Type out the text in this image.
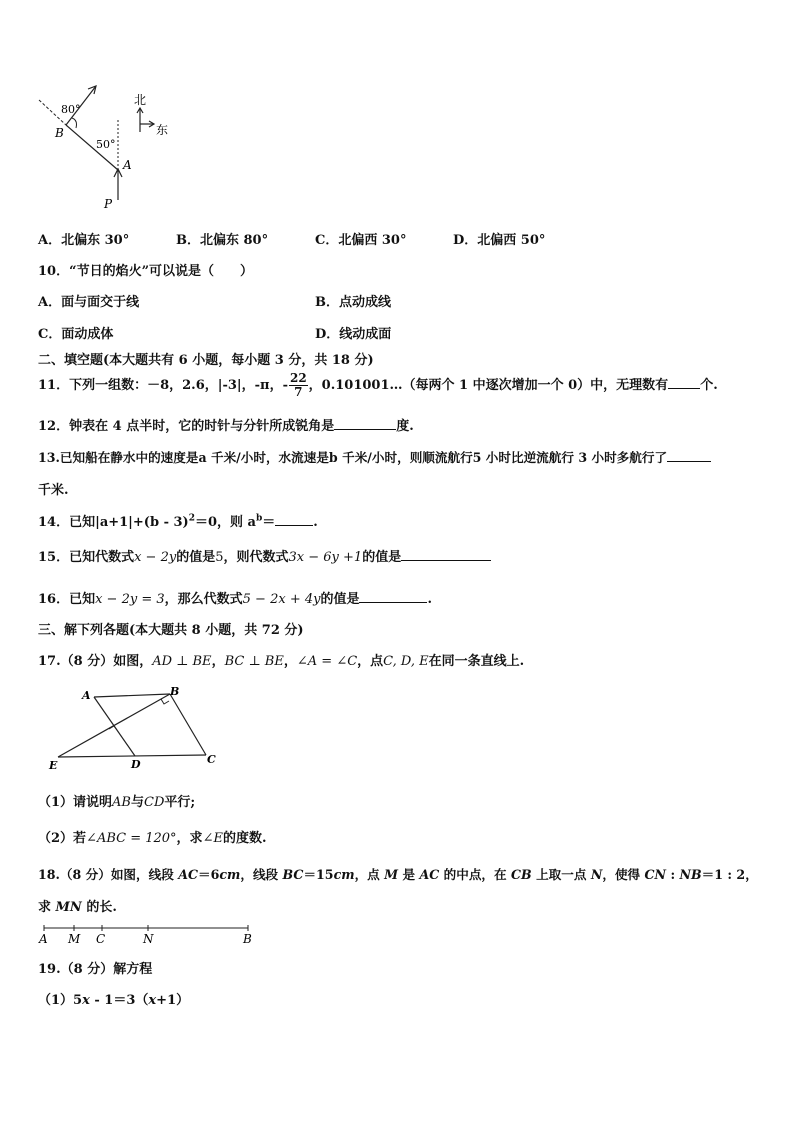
80°
50°
B
A
P
北
东
A．北偏东 30°	B．北偏东 80°	C．北偏西 30°	D．北偏西 50°
10．“节日的焰火”可以说是（　　）
A．面与面交于线	B．点动成线
C．面动成体	D．线动成面
二、填空题(本大题共有 6 小题，每小题 3 分，共 18 分)
11．下列一组数：－8，2.6，|-3|，-π，- $\frac{22}{7}$ ，0.101001…（每两个 1 中逐次增加一个 0）中，无理数有 个.
12．钟表在 4 点半时，它的时针与分针所成锐角是	度.
13.已知船在静水中的速度是a 千米/小时，水流速是b 千米/小时，则顺流航行5 小时比逆流航行 3 小时多航行了
千米.
14．已知|a+1|+(b - 3)$^2$＝0，则 $a^b=$	.
15．已知代数式x − 2y的值是5，则代数式3x − 6y +1的值是
16．已知x − 2y = 3，那么代数式5 − 2x + 4y的值是	.
三、解下列各题(本大题共 8 小题，共 72 分)
17.（8 分）如图，AD ⊥ BE，BC ⊥ BE，∠A = ∠C，点C, D, E在同一条直线上.
A	B
C
D
E
（1）请说明AB与CD平行;
（2）若∠ABC = 120°，求∠E的度数.
18.（8 分）如图，线段 AC＝6cm，线段 BC＝15cm，点 M 是 AC 的中点，在 CB 上取一点 N，使得 CN : NB＝1 : 2，
求 MN 的长.
A M C	N	B
19.（8 分）解方程
（1）5x - 1＝3（x+1）
